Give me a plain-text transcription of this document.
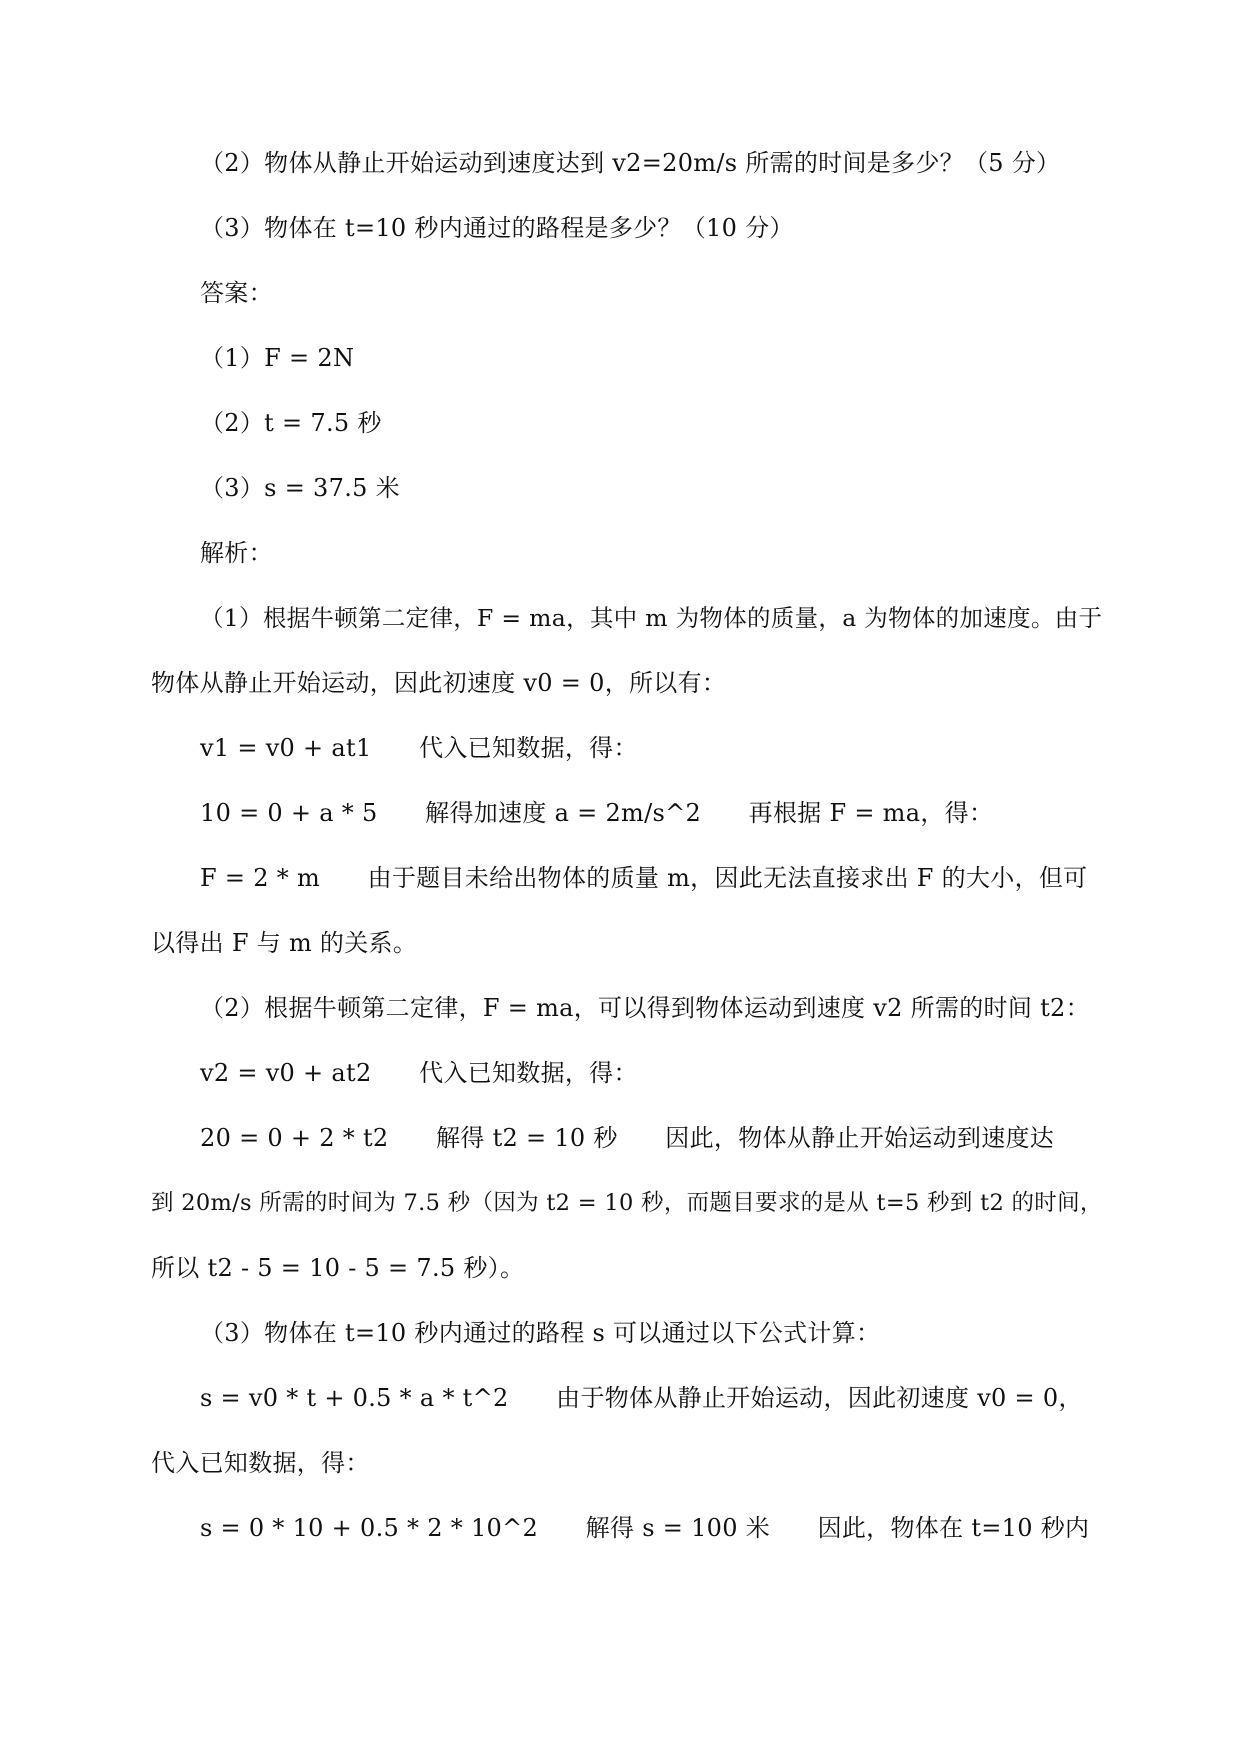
（2）物体从静止开始运动到速度达到 v2=20m/s 所需的时间是多少？（5 分）
（3）物体在 t=10 秒内通过的路程是多少？（10 分）
答案：
（1）F = 2N
（2）t = 7.5 秒
（3）s = 37.5 米
解析：
（1）根据牛顿第二定律，F = ma，其中 m 为物体的质量，a 为物体的加速度。由于
物体从静止开始运动，因此初速度 v0 = 0，所以有：
v1 = v0 + at1      代入已知数据，得：
10 = 0 + a * 5      解得加速度 a = 2m/s^2      再根据 F = ma，得：
F = 2 * m      由于题目未给出物体的质量 m，因此无法直接求出 F 的大小，但可
以得出 F 与 m 的关系。
（2）根据牛顿第二定律，F = ma，可以得到物体运动到速度 v2 所需的时间 t2：
v2 = v0 + at2      代入已知数据，得：
20 = 0 + 2 * t2      解得 t2 = 10 秒      因此，物体从静止开始运动到速度达
到 20m/s 所需的时间为 7.5 秒（因为 t2 = 10 秒，而题目要求的是从 t=5 秒到 t2 的时间，
所以 t2 - 5 = 10 - 5 = 7.5 秒）。
（3）物体在 t=10 秒内通过的路程 s 可以通过以下公式计算：
s = v0 * t + 0.5 * a * t^2      由于物体从静止开始运动，因此初速度 v0 = 0，
代入已知数据，得：
s = 0 * 10 + 0.5 * 2 * 10^2      解得 s = 100 米      因此，物体在 t=10 秒内
